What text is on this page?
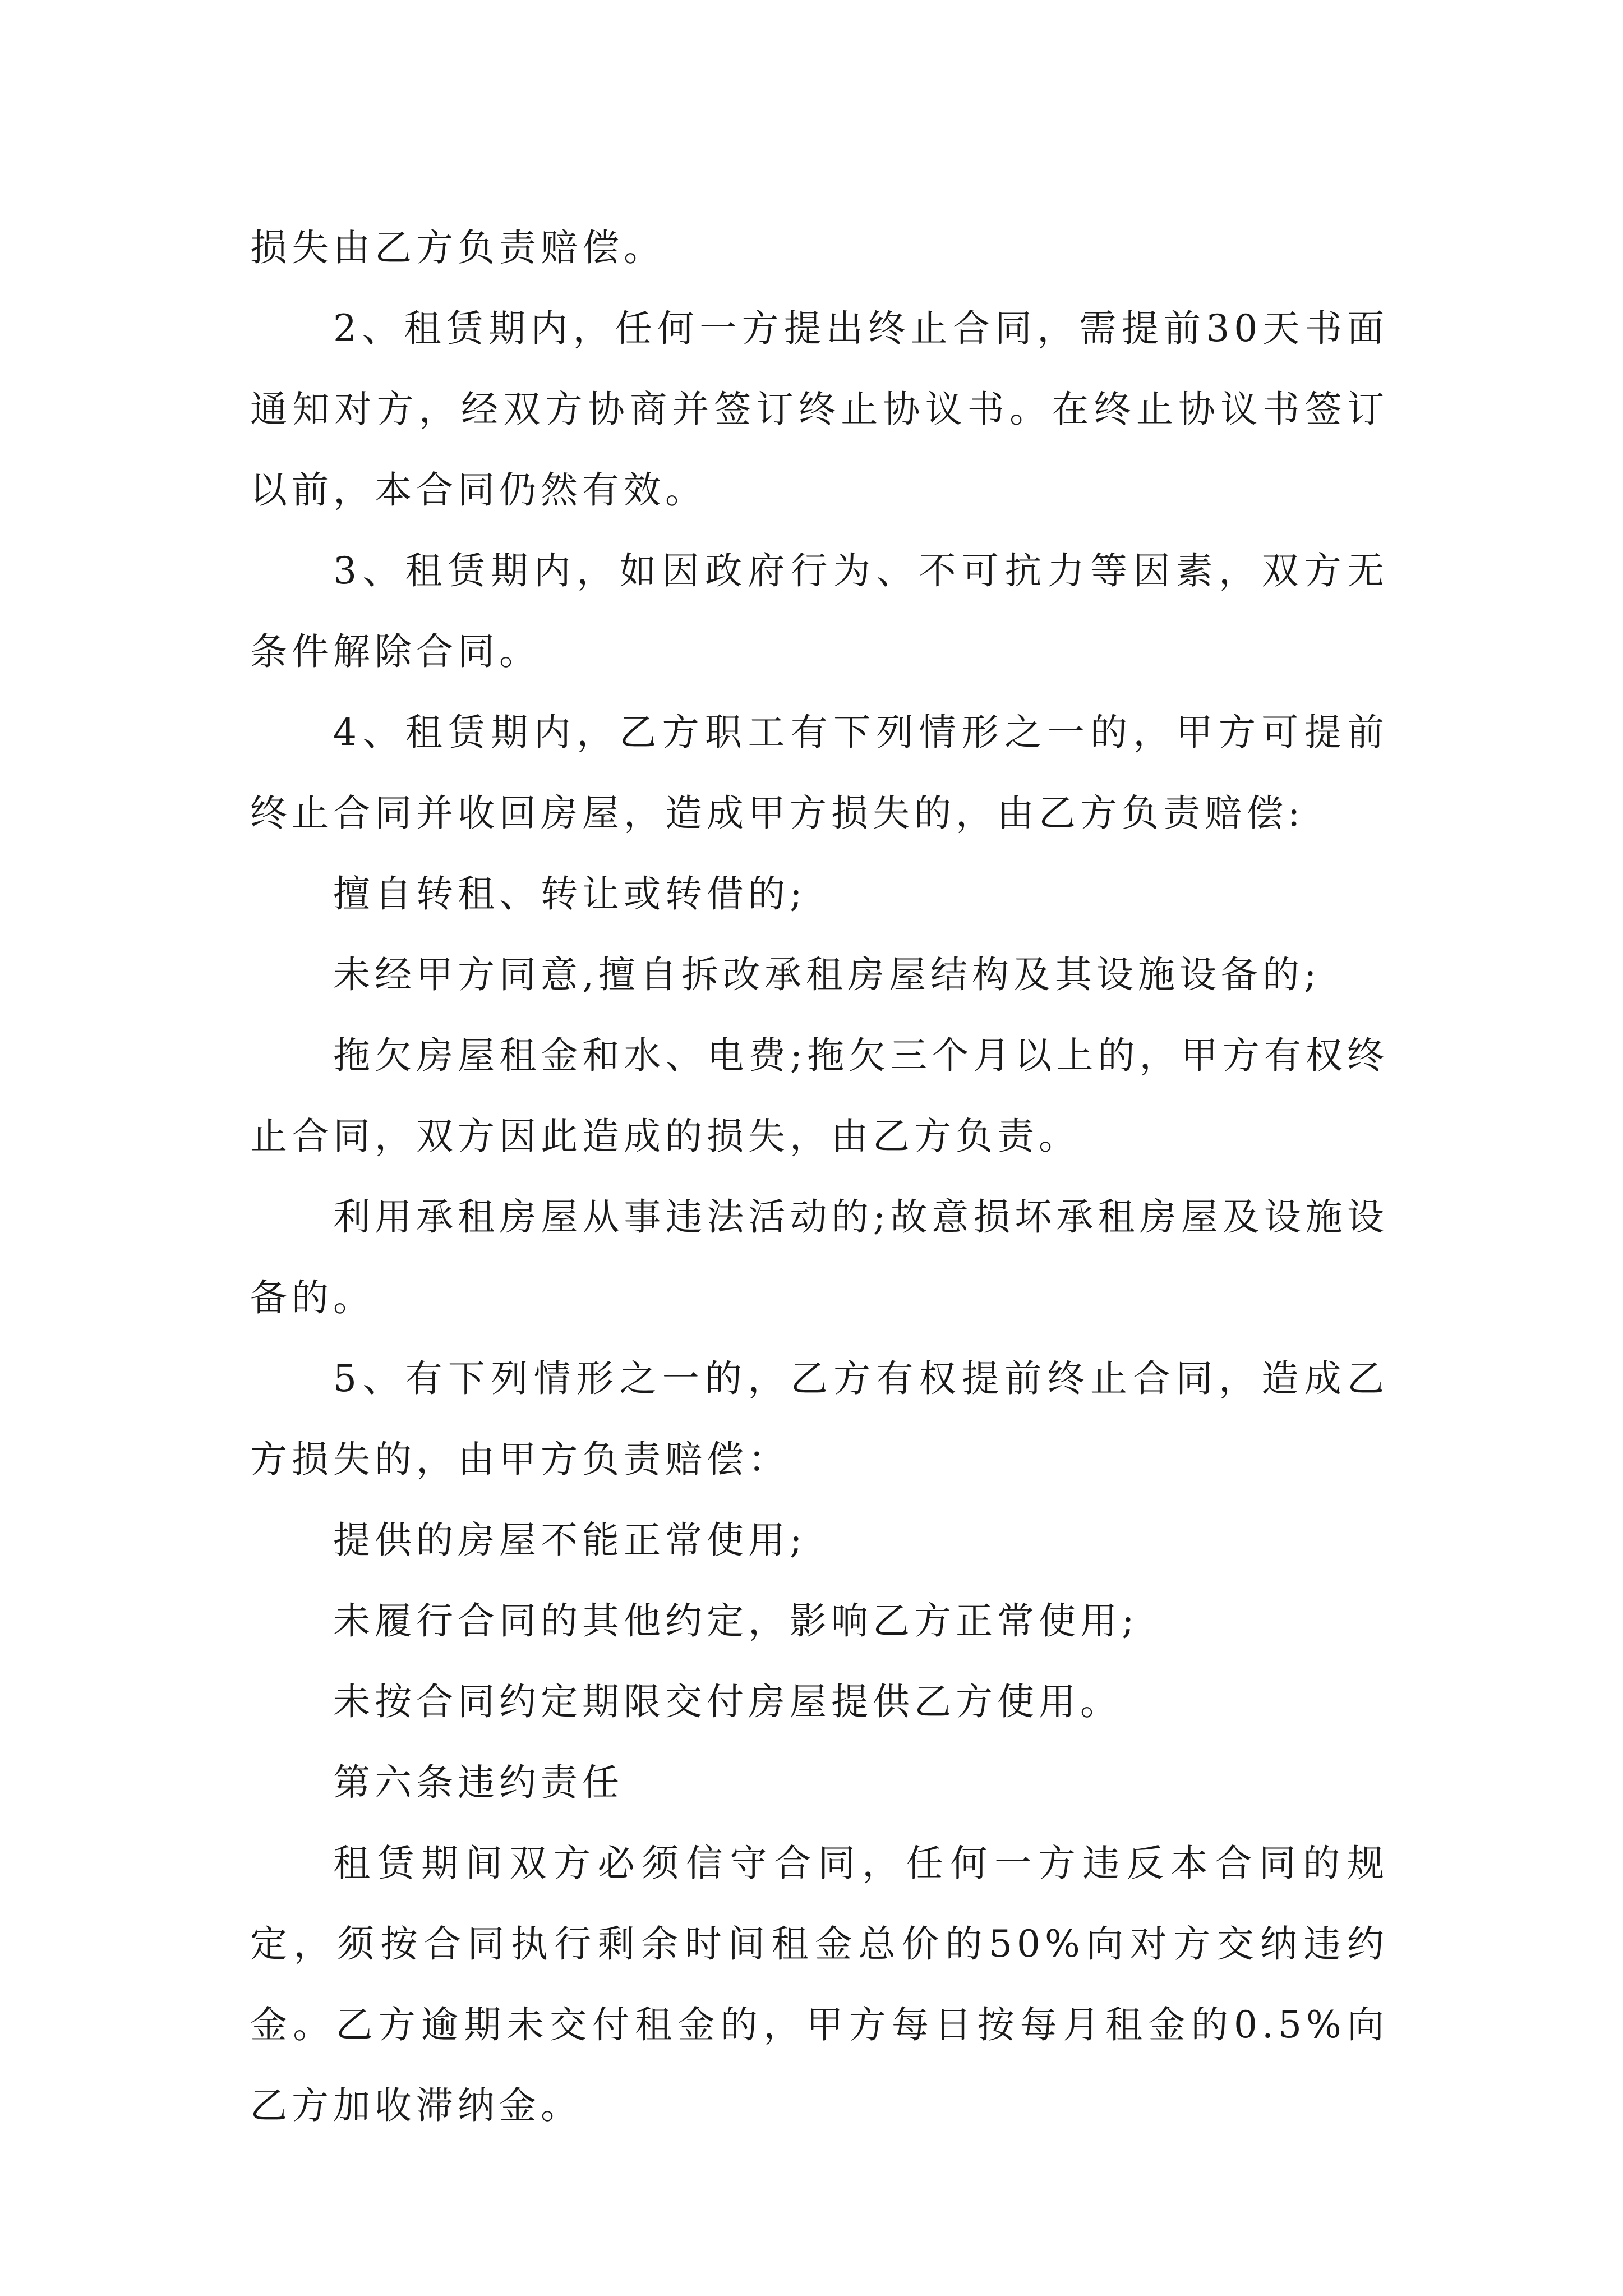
损失由乙方负责赔偿。

2、租赁期内，任何一方提出终止合同，需提前30天书面通知对方，经双方协商并签订终止协议书。在终止协议书签订以前，本合同仍然有效。

3、租赁期内，如因政府行为、不可抗力等因素，双方无条件解除合同。

4、租赁期内，乙方职工有下列情形之一的，甲方可提前终止合同并收回房屋，造成甲方损失的，由乙方负责赔偿:

擅自转租、转让或转借的;

未经甲方同意,擅自拆改承租房屋结构及其设施设备的;

拖欠房屋租金和水、电费;拖欠三个月以上的，甲方有权终止合同，双方因此造成的损失，由乙方负责。

利用承租房屋从事违法活动的;故意损坏承租房屋及设施设备的。

5、有下列情形之一的，乙方有权提前终止合同，造成乙方损失的，由甲方负责赔偿：

提供的房屋不能正常使用;

未履行合同的其他约定，影响乙方正常使用;

未按合同约定期限交付房屋提供乙方使用。

第六条违约责任

租赁期间双方必须信守合同，任何一方违反本合同的规定，须按合同执行剩余时间租金总价的50%向对方交纳违约金。乙方逾期未交付租金的，甲方每日按每月租金的0.5%向乙方加收滞纳金。
